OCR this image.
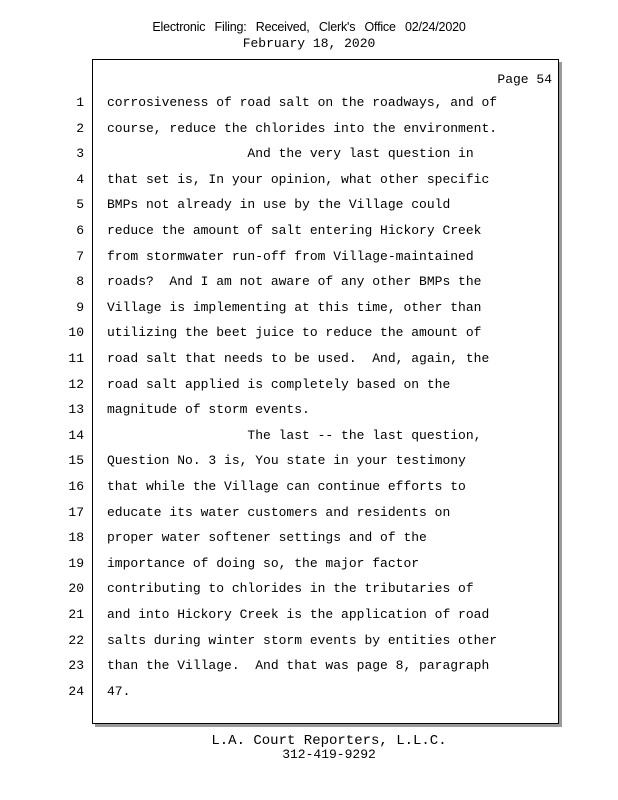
Electronic Filing: Received, Clerk's Office 02/24/2020
February 18, 2020
Page 54
1 corrosiveness of road salt on the roadways, and of
2 course, reduce the chlorides into the environment.
3 And the very last question in
4 that set is, In your opinion, what other specific
5 BMPs not already in use by the Village could
6 reduce the amount of salt entering Hickory Creek
7 from stormwater run-off from Village-maintained
8 roads?  And I am not aware of any other BMPs the
9 Village is implementing at this time, other than
10 utilizing the beet juice to reduce the amount of
11 road salt that needs to be used.  And, again, the
12 road salt applied is completely based on the
13 magnitude of storm events.
14 The last -- the last question,
15 Question No. 3 is, You state in your testimony
16 that while the Village can continue efforts to
17 educate its water customers and residents on
18 proper water softener settings and of the
19 importance of doing so, the major factor
20 contributing to chlorides in the tributaries of
21 and into Hickory Creek is the application of road
22 salts during winter storm events by entities other
23 than the Village.  And that was page 8, paragraph
24 47.
L.A. Court Reporters, L.L.C.
312-419-9292
